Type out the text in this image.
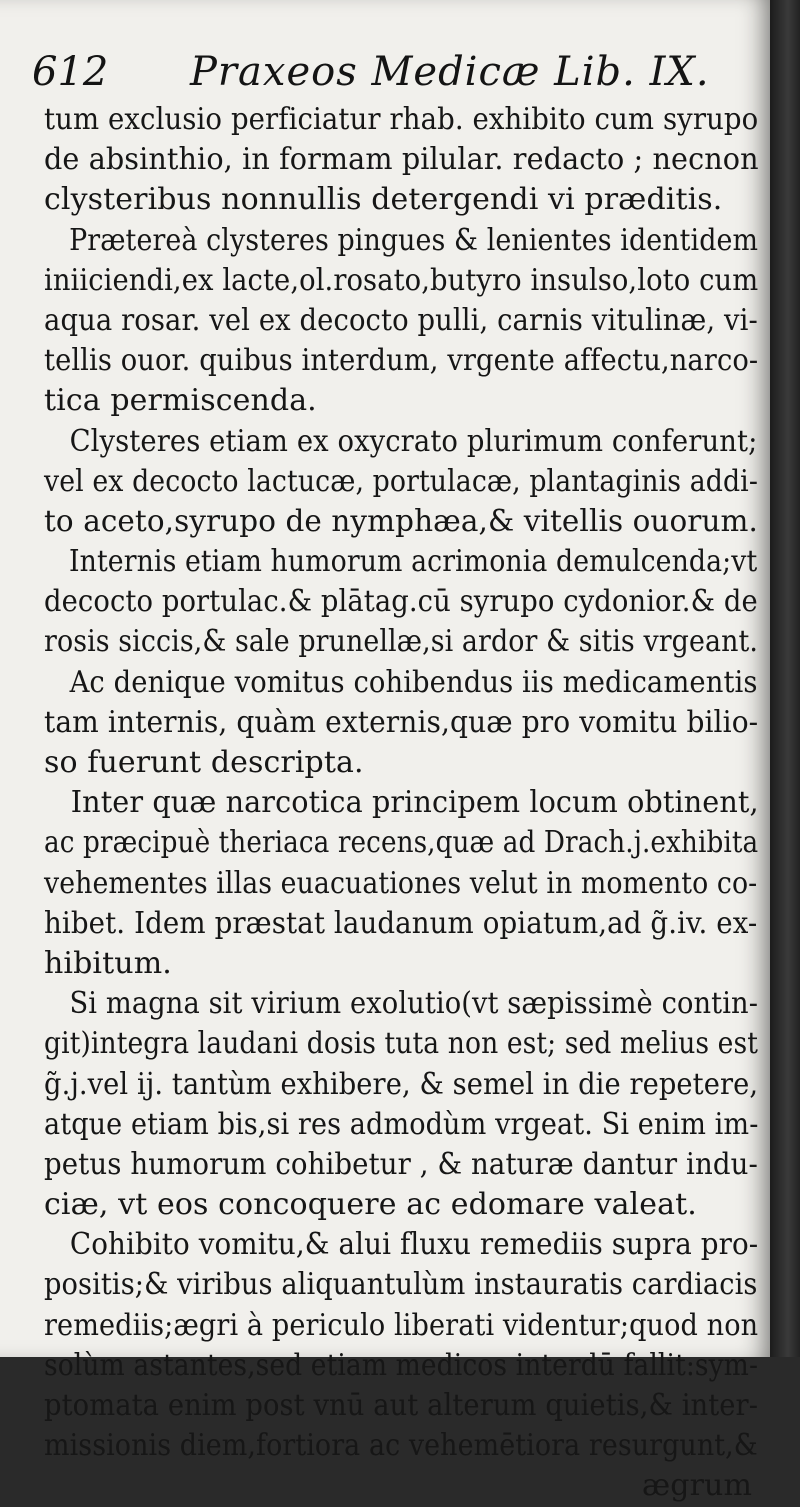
612 Praxeos Medicæ Lib. IX.
tum exclusio perficiatur rhab. exhibito cum syrupo
de absinthio, in formam pilular. redacto ; necnon
clysteribus nonnullis detergendi vi præditis.
Prætereà clysteres pingues & lenientes identidem
iniiciendi,ex lacte,ol.rosato,butyro insulso,loto cum
aqua rosar. vel ex decocto pulli, carnis vitulinæ, vi-
tellis ouor. quibus interdum, vrgente affectu,narco-
tica permiscenda.
Clysteres etiam ex oxycrato plurimum conferunt;
vel ex decocto lactucæ, portulacæ, plantaginis addi-
to aceto,syrupo de nymphæa,& vitellis ouorum.
Internis etiam humorum acrimonia demulcenda;vt
decocto portulac.& plātag.cū syrupo cydonior.& de
rosis siccis,& sale prunellæ,si ardor & sitis vrgeant.
Ac denique vomitus cohibendus iis medicamentis
tam internis, quàm externis,quæ pro vomitu bilio-
so fuerunt descripta.
Inter quæ narcotica principem locum obtinent,
ac præcipuè theriaca recens,quæ ad Drach.j.exhibita
vehementes illas euacuationes velut in momento co-
hibet. Idem præstat laudanum opiatum,ad g̃.iv. ex-
hibitum.
Si magna sit virium exolutio(vt sæpissimè contin-
git)integra laudani dosis tuta non est; sed melius est
g̃.j.vel ij. tantùm exhibere, & semel in die repetere,
atque etiam bis,si res admodùm vrgeat. Si enim im-
petus humorum cohibetur , & naturæ dantur indu-
ciæ, vt eos concoquere ac edomare valeat.
Cohibito vomitu,& alui fluxu remediis supra pro-
positis;& viribus aliquantulùm instauratis cardiacis
remediis;ægri à periculo liberati videntur;quod non
solùm astantes,sed etiam medicos interdū fallit:sym-
ptomata enim post vnū aut alterum quietis,& inter-
missionis diem,fortiora ac vehemētiora resurgunt,&
ægrum
